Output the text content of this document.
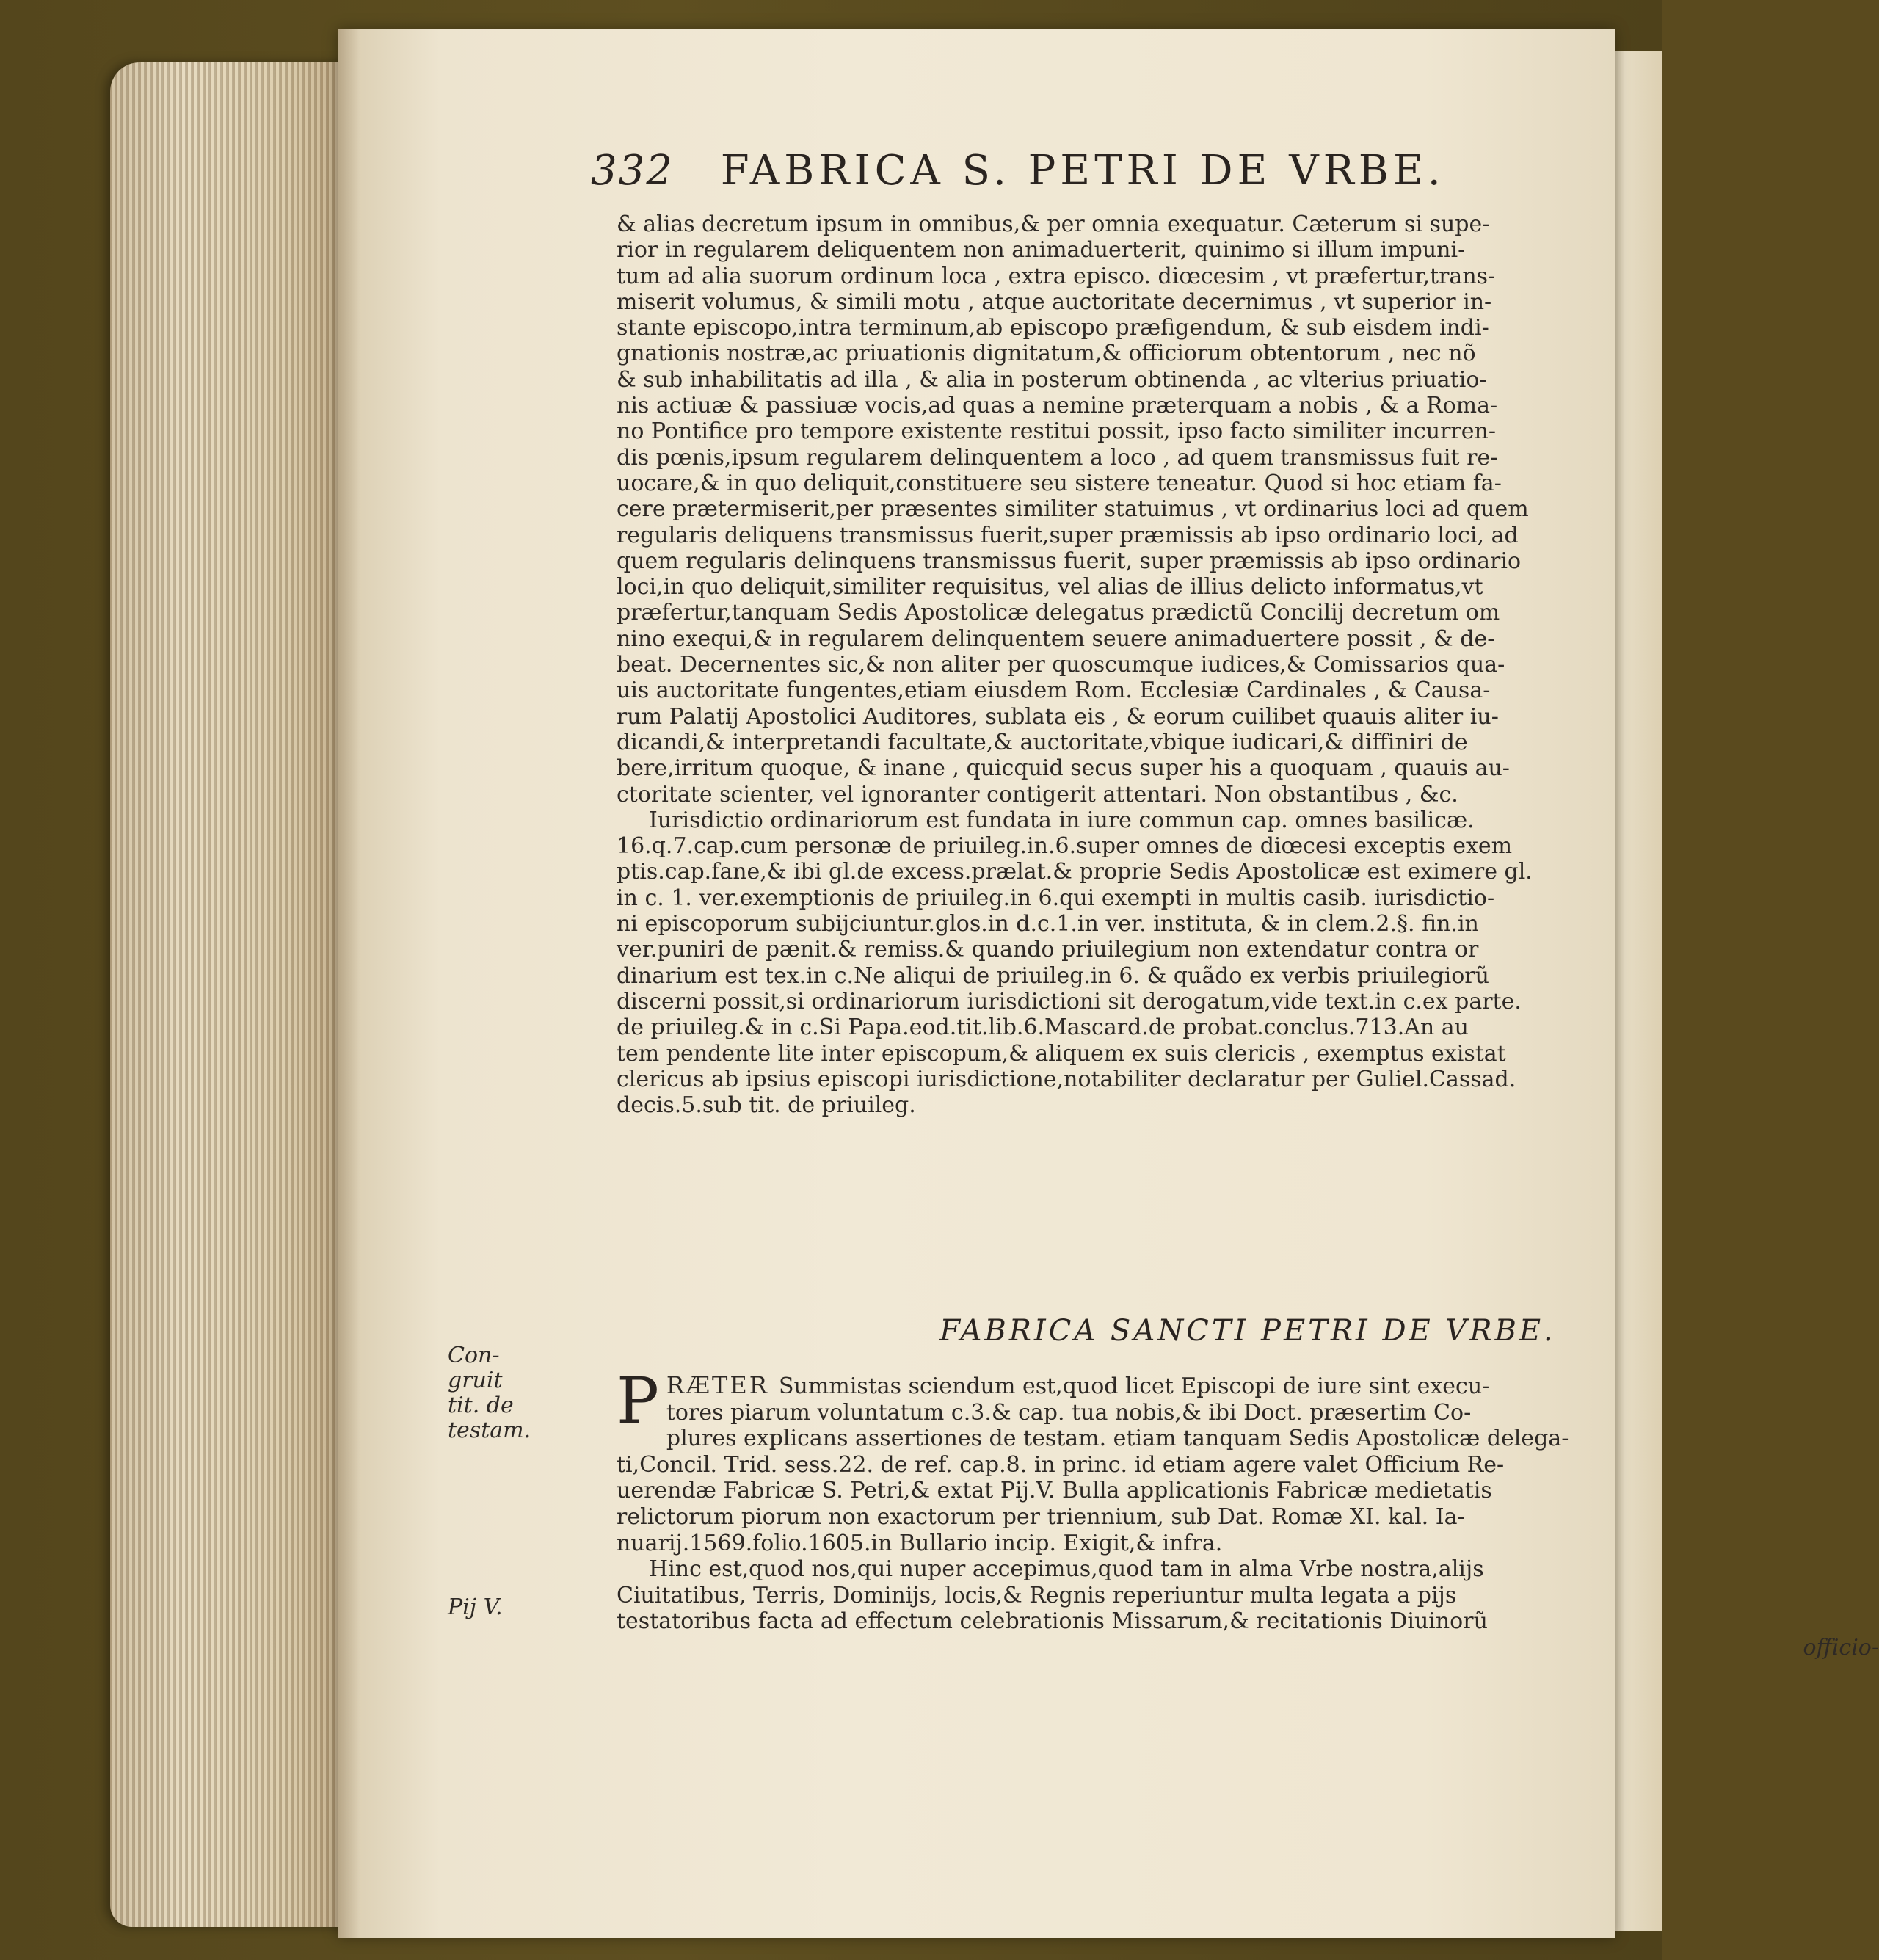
332 FABRICA S. PETRI DE VRBE.
& alias decretum ipsum in omnibus,& per omnia exequatur. Cæterum si supe-
rior in regularem deliquentem non animaduerterit, quinimo si illum impuni-
tum ad alia suorum ordinum loca , extra episco. diœcesim , vt præfertur,trans-
miserit volumus, & simili motu , atque auctoritate decernimus , vt superior in-
stante episcopo,intra terminum,ab episcopo præfigendum, & sub eisdem indi-
gnationis nostræ,ac priuationis dignitatum,& officiorum obtentorum , nec nõ
& sub inhabilitatis ad illa , & alia in posterum obtinenda , ac vlterius priuatio-
nis actiuæ & passiuæ vocis,ad quas a nemine præterquam a nobis , & a Roma-
no Pontifice pro tempore existente restitui possit, ipso facto similiter incurren-
dis pœnis,ipsum regularem delinquentem a loco , ad quem transmissus fuit re-
uocare,& in quo deliquit,constituere seu sistere teneatur. Quod si hoc etiam fa-
cere prætermiserit,per præsentes similiter statuimus , vt ordinarius loci ad quem
regularis deliquens transmissus fuerit,super præmissis ab ipso ordinario loci, ad
quem regularis delinquens transmissus fuerit, super præmissis ab ipso ordinario
loci,in quo deliquit,similiter requisitus, vel alias de illius delicto informatus,vt
præfertur,tanquam Sedis Apostolicæ delegatus prædictũ Concilij decretum om
nino exequi,& in regularem delinquentem seuere animaduertere possit , & de-
beat. Decernentes sic,& non aliter per quoscumque iudices,& Comissarios qua-
uis auctoritate fungentes,etiam eiusdem Rom. Ecclesiæ Cardinales , & Causa-
rum Palatij Apostolici Auditores, sublata eis , & eorum cuilibet quauis aliter iu-
dicandi,& interpretandi facultate,& auctoritate,vbique iudicari,& diffiniri de
bere,irritum quoque, & inane , quicquid secus super his a quoquam , quauis au-
ctoritate scienter, vel ignoranter contigerit attentari. Non obstantibus , &c.
Iurisdictio ordinariorum est fundata in iure commun cap. omnes basilicæ.
16.q.7.cap.cum personæ de priuileg.in.6.super omnes de diœcesi exceptis exem
ptis.cap.fane,& ibi gl.de excess.prælat.& proprie Sedis Apostolicæ est eximere gl.
in c. 1. ver.exemptionis de priuileg.in 6.qui exempti in multis casib. iurisdictio-
ni episcoporum subijciuntur.glos.in d.c.1.in ver. instituta, & in clem.2.§. fin.in
ver.puniri de pænit.& remiss.& quando priuilegium non extendatur contra or
dinarium est tex.in c.Ne aliqui de priuileg.in 6. & quãdo ex verbis priuilegiorũ
discerni possit,si ordinariorum iurisdictioni sit derogatum,vide text.in c.ex parte.
de priuileg.& in c.Si Papa.eod.tit.lib.6.Mascard.de probat.conclus.713.An au
tem pendente lite inter episcopum,& aliquem ex suis clericis , exemptus existat
clericus ab ipsius episcopi iurisdictione,notabiliter declaratur per Guliel.Cassad.
decis.5.sub tit. de priuileg.
Con-
gruit
tit. de
testam.
FABRICA SANCTI PETRI DE VRBE.
P RÆTER Summistas sciendum est,quod licet Episcopi de iure sint execu-
tores piarum voluntatum c.3.& cap. tua nobis,& ibi Doct. præsertim Co-
plures explicans assertiones de testam. etiam tanquam Sedis Apostolicæ delega-
ti,Concil. Trid. sess.22. de ref. cap.8. in princ. id etiam agere valet Officium Re-
uerendæ Fabricæ S. Petri,& extat Pij.V. Bulla applicationis Fabricæ medietatis
relictorum piorum non exactorum per triennium, sub Dat. Romæ XI. kal. Ia-
nuarij.1569.folio.1605.in Bullario incip. Exigit,& infra.
Hinc est,quod nos,qui nuper accepimus,quod tam in alma Vrbe nostra,alijs
Ciuitatibus, Terris, Dominijs, locis,& Regnis reperiuntur multa legata a pijs
testatoribus facta ad effectum celebrationis Missarum,& recitationis Diuinorũ
officio-
Pij V.
